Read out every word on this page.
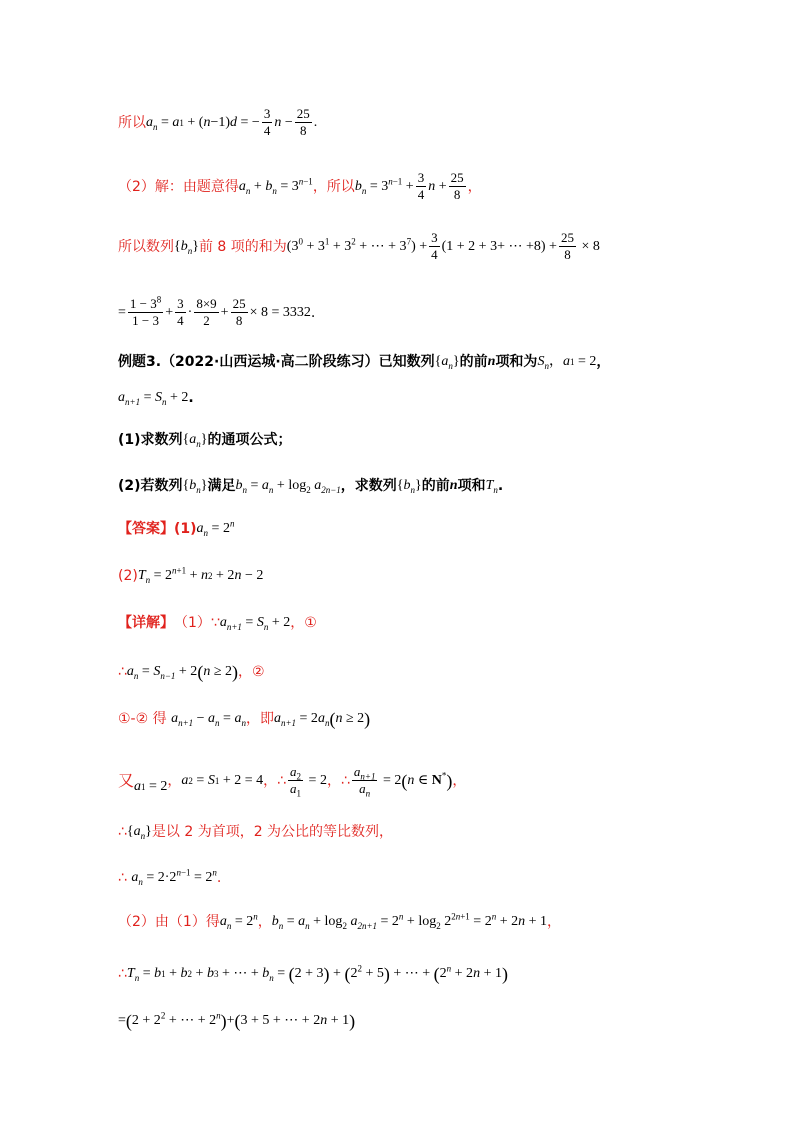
所以 $a_n = a$ 1 + ( n −1) d = − $\frac{3}{4}$ $n - \frac{25}{8}$ .
（2）解：由题意得 $a_n + b_n = 3^{n-1}$ ，所以 $b_n = 3^{n-1} + \frac{3}{4}$ $n + \frac{25}{8}$ ，
所以数列 { $b_n$ } 前 8 项的和为 ($3^0 + 3^1 + 3^2$ + ⋯ + $3^7) + \frac{3}{4} (1 + 2 + 3+$ ⋯ $+8) + \frac{25}{8} \times 8$
= $\frac{1 - 3^8}{1 - 3} + \frac{3}{4} \cdot \frac{8\times 9}{2} + \frac{25}{8} \times 8 = 3332$ .
例题3. （2022·山西运城·高二阶段练习）已知数列 { $a_n$ } 的前 n 项和为 $S_n$ ， a 1 = 2 ，
$a_{n+1} = S_n + 2$ .
(1)求数列 { $a_n$ } 的通项公式；
(2)若数列 { $b_n$ } 满足 $b_n = a_n + \log_2 a_{2n-1}$ ，求数列 { $b_n$ } 的前 n 项和 $T_n$ .
【答案】 (1) $a_n = 2^n$
(2) $T_n = 2^{n+1} + n$ 2 + 2 n − 2
【详解】 （1）∵ $a_{n+1} = S_n + 2$ ，①
∴ $a_n = S_{n-1} + 2$ ( n ≥ 2 ) ，②
①-② 得
$a_{n+1} - a_n = a_n$ ，即 $a_{n+1} = 2$ $a_n$ ( n ≥ 2 )
又 a 1 = 2 ， a 2 = S 1 + 2 = 4 ，∴ $\frac{a_2}{a_1} = 2$ ，∴ $\frac{a_{n+1}}{a_n} = 2$ ( n ∈ N* ) ，
∴ { $a_n$ } 是以 2 为首项，2 为公比的等比数列，
∴
$a_n = 2\cdot 2^{n-1} = 2^n$ .
（2）由（1）得 $a_n = 2^n$ ， $b_n = a_n + \log_2 a_{2n+1} = 2^n + \log_2 2^{2n+1} = 2^n + 2$ n + 1 ，
∴ $T_n = b$ 1 + b 2 + b 3 + ⋯ + $b_n$ = ( 2 + 3 ) + ( $2^2 + 5$ ) + ⋯ + ( $2^n + 2$ n + 1 )
= ( $2 + 2^2$ + ⋯ + $2^n$ ) + ( 3 + 5 + ⋯ + 2 n + 1 )
